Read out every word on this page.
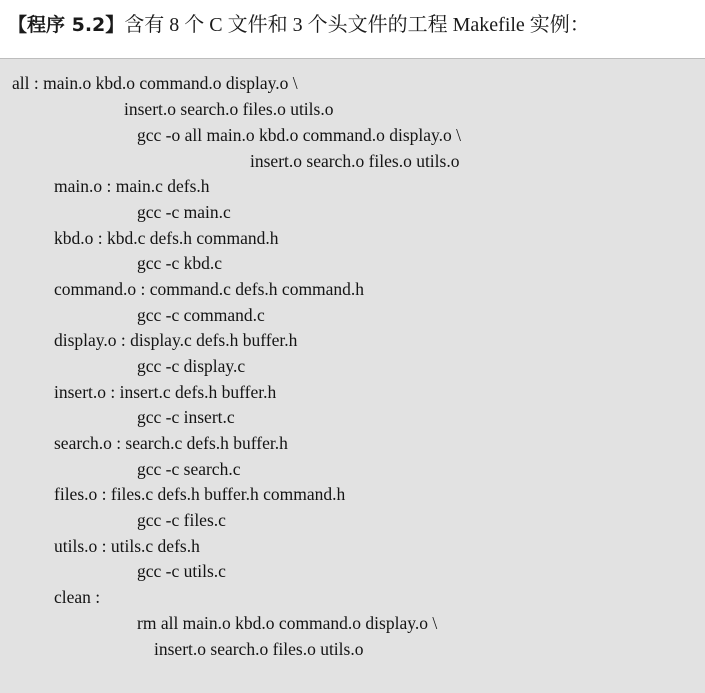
【程序 5.2】含有 8 个 C 文件和 3 个头文件的工程 Makefile 实例：
all : main.o kbd.o command.o display.o \
insert.o search.o files.o utils.o
gcc -o all main.o kbd.o command.o display.o \
insert.o search.o files.o utils.o
main.o : main.c defs.h
gcc -c main.c
kbd.o : kbd.c defs.h command.h
gcc -c kbd.c
command.o : command.c defs.h command.h
gcc -c command.c
display.o : display.c defs.h buffer.h
gcc -c display.c
insert.o : insert.c defs.h buffer.h
gcc -c insert.c
search.o : search.c defs.h buffer.h
gcc -c search.c
files.o : files.c defs.h buffer.h command.h
gcc -c files.c
utils.o : utils.c defs.h
gcc -c utils.c
clean :
rm all main.o kbd.o command.o display.o \
insert.o search.o files.o utils.o
